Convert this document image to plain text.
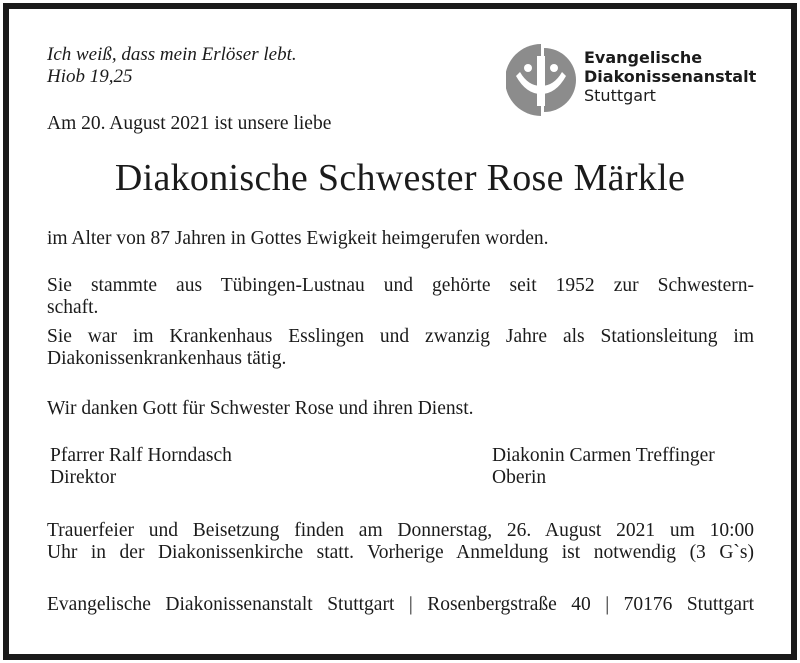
Ich weiß, dass mein Erlöser lebt.
Hiob 19,25
Evangelische
Diakonissenanstalt
Stuttgart
Am 20. August 2021 ist unsere liebe
Diakonische Schwester Rose Märkle
im Alter von 87 Jahren in Gottes Ewigkeit heimgerufen worden.
Sie stammte aus Tübingen-Lustnau und gehörte seit 1952 zur Schwestern-
schaft.
Sie war im Krankenhaus Esslingen und zwanzig Jahre als Stationsleitung im
Diakonissenkrankenhaus tätig.
Wir danken Gott für Schwester Rose und ihren Dienst.
Pfarrer Ralf Horndasch
Direktor
Diakonin Carmen Treffinger
Oberin
Trauerfeier und Beisetzung finden am Donnerstag, 26. August 2021 um 10:00
Uhr in der Diakonissenkirche statt. Vorherige Anmeldung ist notwendig (3 G`s)
Evangelische Diakonissenanstalt Stuttgart | Rosenbergstraße 40 | 70176 Stuttgart
